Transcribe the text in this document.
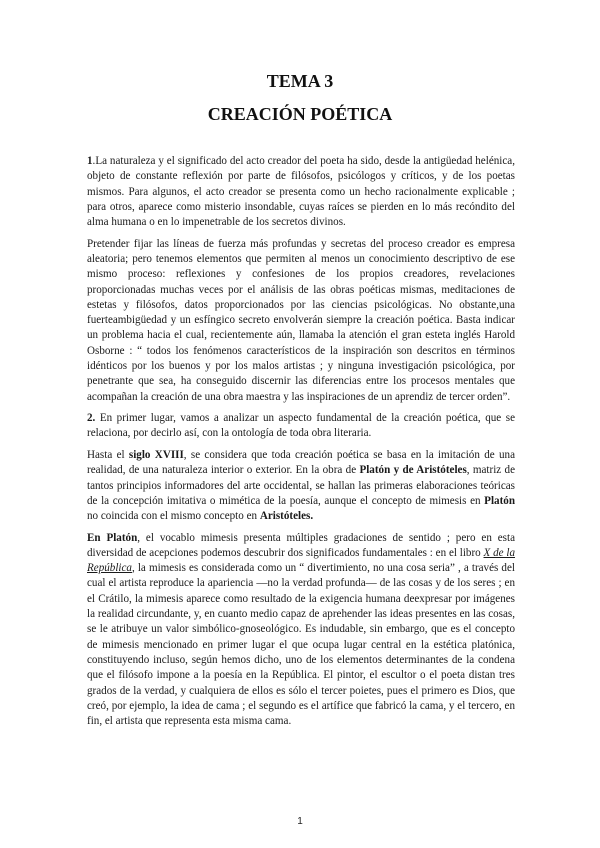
TEMA 3
CREACIÓN POÉTICA

1.La naturaleza y el significado del acto creador del poeta ha sido, desde la antigüedad helénica, objeto de constante reflexión por parte de filósofos, psicólogos y críticos, y de los poetas mismos. Para algunos, el acto creador se presenta como un hecho racionalmente explicable ; para otros, aparece como misterio insondable, cuyas raíces se pierden en lo más recóndito del alma humana o en lo impenetrable de los secretos divinos.

Pretender fijar las líneas de fuerza más profundas y secretas del proceso creador es empresa aleatoria; pero tenemos elementos que permiten al menos un conocimiento descriptivo de ese mismo proceso: reflexiones y confesiones de los propios creadores, revelaciones proporcionadas muchas veces por el análisis de las obras poéticas mismas, meditaciones de estetas y filósofos, datos proporcionados por las ciencias psicológicas. No obstante,una fuerteambigüedad y un esfíngico secreto envolverán siempre la creación poética. Basta indicar un problema hacia el cual, recientemente aún, llamaba la atención el gran esteta inglés Harold Osborne : “ todos los fenómenos característicos de la inspiración son descritos en términos idénticos por los buenos y por los malos artistas ; y ninguna investigación psicológica, por penetrante que sea, ha conseguido discernir las diferencias entre los procesos mentales que acompañan la creación de una obra maestra y las inspiraciones de un aprendiz de tercer orden”.

2. En primer lugar, vamos a analizar un aspecto fundamental de la creación poética, que se relaciona, por decirlo así, con la ontología de toda obra literaria.

Hasta el siglo XVIII, se considera que toda creación poética se basa en la imitación de una realidad, de una naturaleza interior o exterior. En la obra de Platón y de Aristóteles, matriz de tantos principios informadores del arte occidental, se hallan las primeras elaboraciones teóricas de la concepción imitativa o mimética de la poesía, aunque el concepto de mimesis en Platón no coincida con el mismo concepto en Aristóteles.

En Platón, el vocablo mimesis presenta múltiples gradaciones de sentido ; pero en esta diversidad de acepciones podemos descubrir dos significados fundamentales : en el libro X de la República, la mimesis es considerada como un “ divertimiento, no una cosa seria” , a través del cual el artista reproduce la apariencia —no la verdad profunda— de las cosas y de los seres ; en el Crátilo, la mimesis aparece como resultado de la exigencia humana deexpresar por imágenes la realidad circundante, y, en cuanto medio capaz de aprehender las ideas presentes en las cosas, se le atribuye un valor simbólico-gnoseológico. Es indudable, sin embargo, que es el concepto de mimesis mencionado en primer lugar el que ocupa lugar central en la estética platónica, constituyendo incluso, según hemos dicho, uno de los elementos determinantes de la condena que el filósofo impone a la poesía en la República. El pintor, el escultor o el poeta distan tres grados de la verdad, y cualquiera de ellos es sólo el tercer poietes, pues el primero es Dios, que creó, por ejemplo, la idea de cama ; el segundo es el artífice que fabricó la cama, y el tercero, en fin, el artista que representa esta misma cama.

1
